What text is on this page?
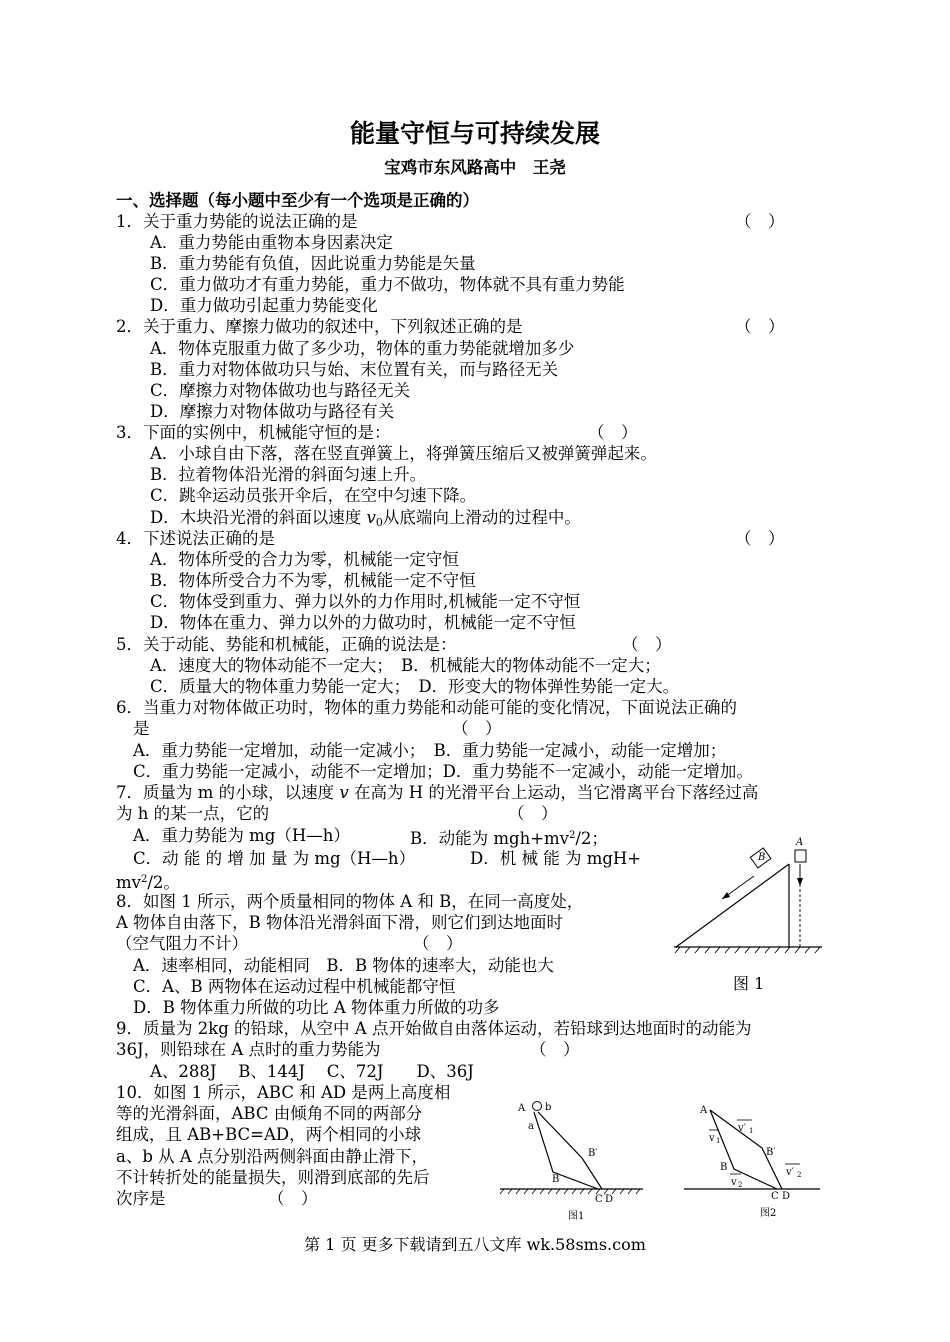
能量守恒与可持续发展
宝鸡市东风路高中　王尧
一、选择题（每小题中至少有一个选项是正确的）
1．关于重力势能的说法正确的是	（　）
A．重力势能由重物本身因素决定
B．重力势能有负值，因此说重力势能是矢量
C．重力做功才有重力势能，重力不做功，物体就不具有重力势能
D．重力做功引起重力势能变化
2．关于重力、摩擦力做功的叙述中，下列叙述正确的是	（　）
A．物体克服重力做了多少功，物体的重力势能就增加多少
B．重力对物体做功只与始、末位置有关，而与路径无关
C．摩擦力对物体做功也与路径无关
D．摩擦力对物体做功与路径有关
3．下面的实例中，机械能守恒的是：	（　）
A．小球自由下落，落在竖直弹簧上，将弹簧压缩后又被弹簧弹起来。
B．拉着物体沿光滑的斜面匀速上升。
C．跳伞运动员张开伞后，在空中匀速下降。
D．木块沿光滑的斜面以速度 $v_0$从底端向上滑动的过程中。
4．下述说法正确的是	（　）
A．物体所受的合力为零，机械能一定守恒
B．物体所受合力不为零，机械能一定不守恒
C．物体受到重力、弹力以外的力作用时,机械能一定不守恒
D．物体在重力、弹力以外的力做功时，机械能一定不守恒
5．关于动能、势能和机械能，正确的说法是：	（　）
A．速度大的物体动能不一定大；　B．机械能大的物体动能不一定大；
C．质量大的物体重力势能一定大；　D．形变大的物体弹性势能一定大。
6．当重力对物体做正功时，物体的重力势能和动能可能的变化情况，下面说法正确的
是	（　）
A．重力势能一定增加，动能一定减小；　B．重力势能一定减小，动能一定增加；
C．重力势能一定减小，动能不一定增加；D．重力势能不一定减小，动能一定增加。
7．质量为 m 的小球，以速度 v 在高为 H 的光滑平台上运动，当它滑离平台下落经过高
为 h 的某一点，它的	（　）
A．重力势能为 mg（H—h）	B．动能为 $mgh+mv^2/2$；
C．动 能 的 增 加 量 为 mg（H—h）	D．机 械 能 为 mgH+
$mv^2/2$。
A
B
图 1
8．如图 1 所示，两个质量相同的物体 A 和 B，在同一高度处，
A 物体自由落下，B 物体沿光滑斜面下滑，则它们到达地面时
（空气阻力不计）	（　）
A．速率相同，动能相同　B．B 物体的速率大，动能也大
C．A、B 两物体在运动过程中机械能都守恒
D．B 物体重力所做的功比 A 物体重力所做的功多
9．质量为 2kg 的铅球，从空中 A 点开始做自由落体运动，若铅球到达地面时的动能为
36J，则铅球在 A 点时的重力势能为	（　）
A、288J　 B、144J　 C、72J　　D、36J
10．如图 1 所示，ABC 和 AD 是两上高度相
等的光滑斜面，ABC 由倾角不同的两部分
组成，且 AB+BC=AD，两个相同的小球
a、b 从 A 点分别沿两侧斜面由静止滑下，
不计转折处的能量损失，则滑到底部的先后
次序是	（　）
A b
a
B′
B
C D
图1
A
v 1
v′ 1
B′
B
v 2
v′ 2
C D
图2
第 1 页 更多下载请到五八文库 wk.58sms.com
